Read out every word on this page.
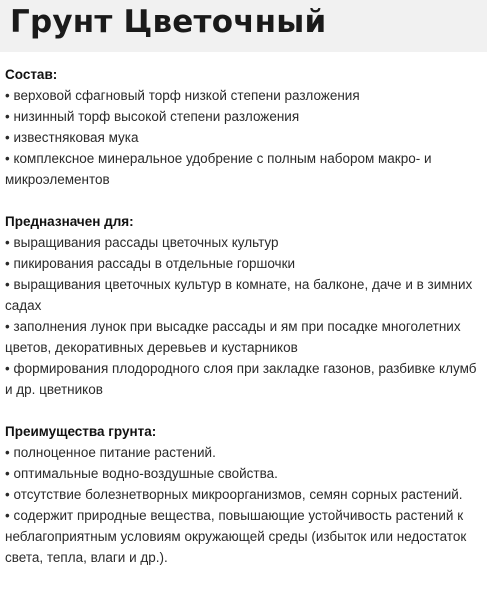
Грунт Цветочный

Состав:

• верховой сфагновый торф низкой степени разложения

• низинный торф высокой степени разложения

• известняковая мука

• комплексное минеральное удобрение с полным набором макро- и микроэлементов

Предназначен для:

• выращивания рассады цветочных культур

• пикирования рассады в отдельные горшочки

• выращивания цветочных культур в комнате, на балконе, даче и в зимних садах

• заполнения лунок при высадке рассады и ям при посадке многолетних цветов, декоративных деревьев и кустарников

• формирования плодородного слоя при закладке газонов, разбивке клумб и др. цветников

Преимущества грунта:

• полноценное питание растений.

• оптимальные водно-воздушные свойства.

• отсутствие болезнетворных микроорганизмов, семян сорных растений.

• содержит природные вещества, повышающие устойчивость растений к неблагоприятным условиям окружающей среды (избыток или недостаток света, тепла, влаги и др.).
